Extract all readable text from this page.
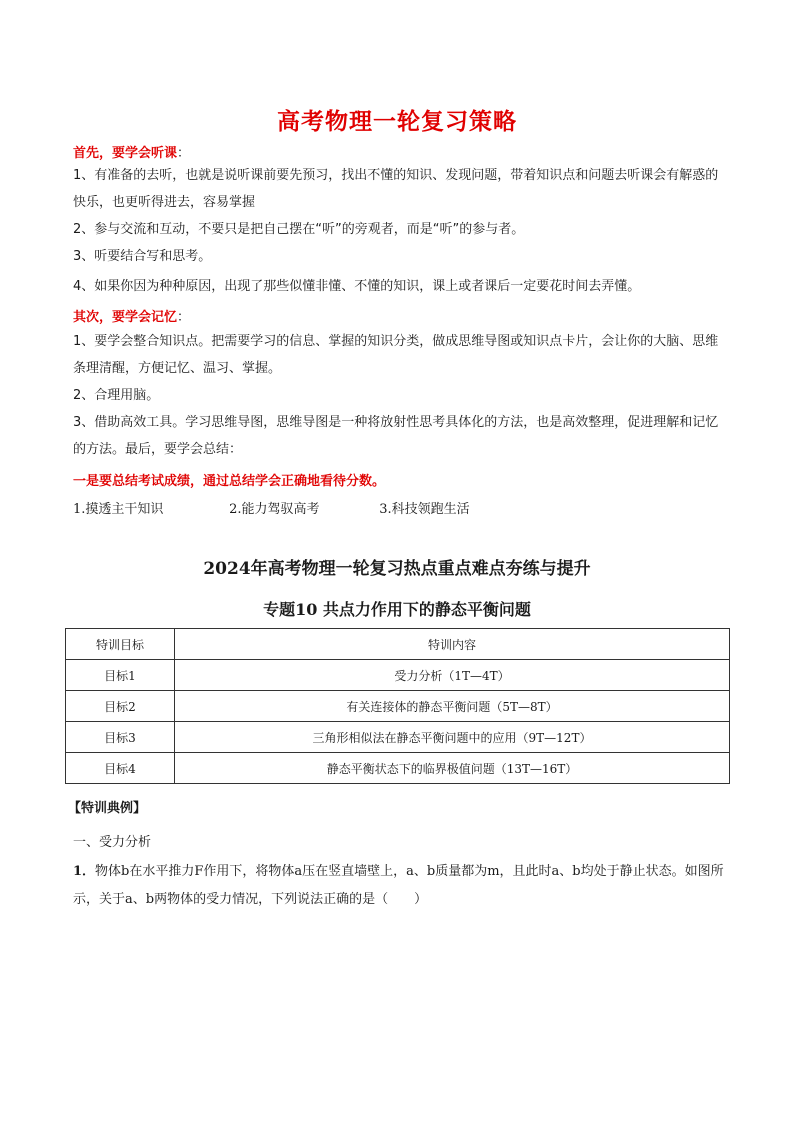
高考物理一轮复习策略
首先，要学会听课：
1、有准备的去听，也就是说听课前要先预习，找出不懂的知识、发现问题，带着知识点和问题去听课会有解惑的快乐，也更听得进去，容易掌握
2、参与交流和互动，不要只是把自己摆在“听”的旁观者，而是“听”的参与者。
3、听要结合写和思考。
4、如果你因为种种原因，出现了那些似懂非懂、不懂的知识，课上或者课后一定要花时间去弄懂。
其次，要学会记忆：
1、要学会整合知识点。把需要学习的信息、掌握的知识分类，做成思维导图或知识点卡片，会让你的大脑、思维条理清醒，方便记忆、温习、掌握。
2、合理用脑。
3、借助高效工具。学习思维导图，思维导图是一种将放射性思考具体化的方法，也是高效整理，促进理解和记忆的方法。最后，要学会总结：
一是要总结考试成绩，通过总结学会正确地看待分数。
1.摸透主干知识	2.能力驾驭高考	3.科技领跑生活
2024年高考物理一轮复习热点重点难点夯练与提升
专题10 共点力作用下的静态平衡问题
特训目标	特训内容
目标1	受力分析（1T—4T）
目标2	有关连接体的静态平衡问题（5T—8T）
目标3	三角形相似法在静态平衡问题中的应用（9T—12T）
目标4	静态平衡状态下的临界极值问题（13T—16T）
【特训典例】
一、受力分析
1．物体b在水平推力F作用下，将物体a压在竖直墙壁上，a、b质量都为m，且此时a、b均处于静止状态。如图所示，关于a、b两物体的受力情况，下列说法正确的是（　　）
